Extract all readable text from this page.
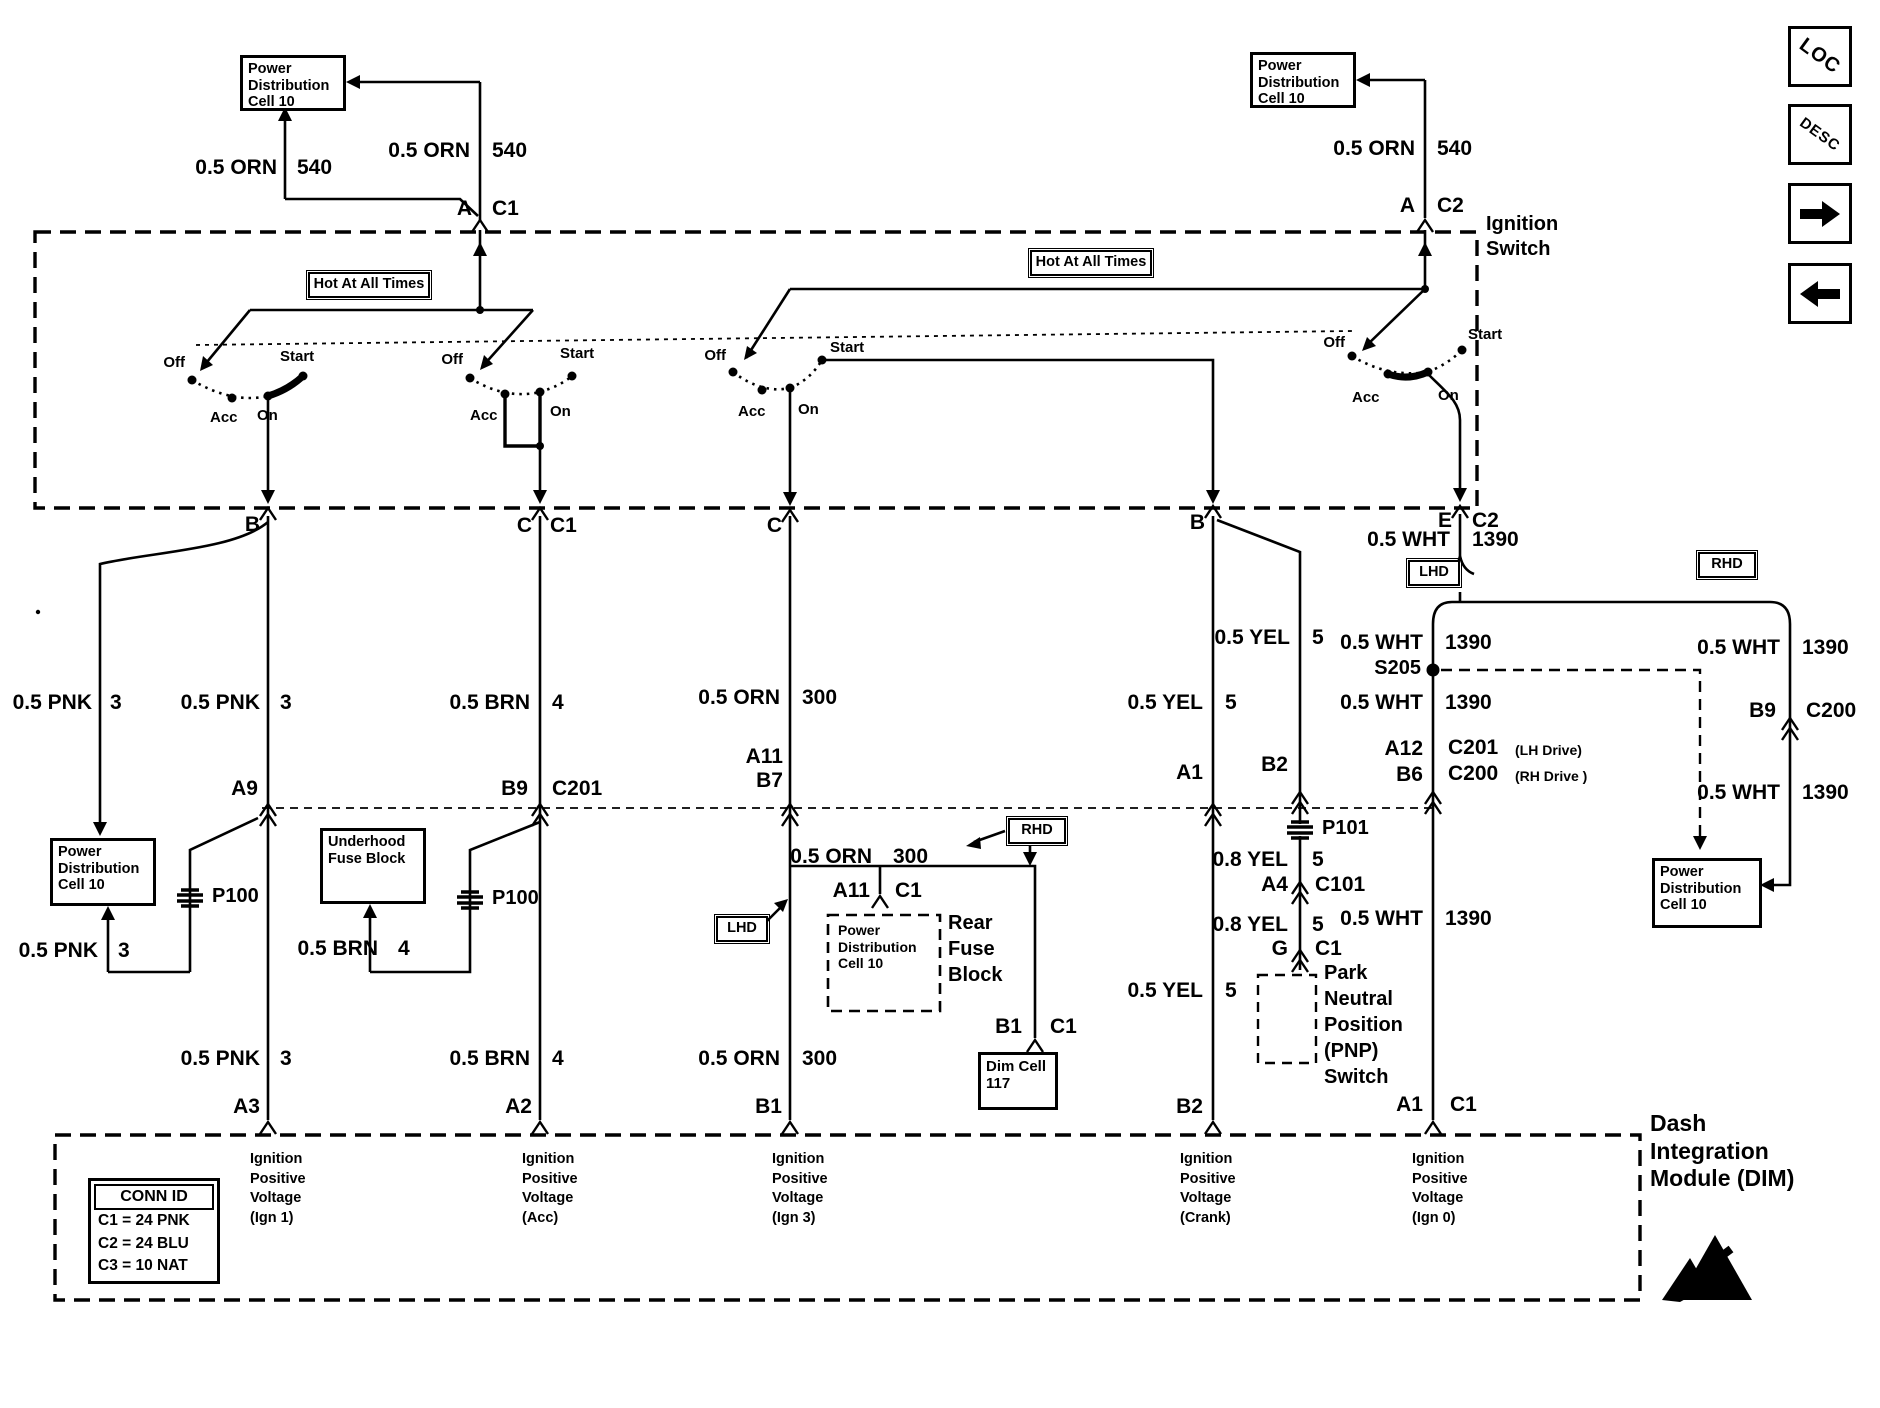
LOC
DESC
Power Distribution Cell 10
Power Distribution Cell 10
Power Distribution Cell 10
Power Distribution Cell 10
Power Distribution Cell 10
Underhood Fuse Block
Dim Cell 117
Rear Fuse Block	Park Neutral Position (PNP) Switch
Hot At All Times
Hot At All Times
LHD	RHD
LHD
RHD
Ignition Switch
Dash Integration Module (DIM)
CONN ID
C1 = 24 PNK
C2 = 24 BLU
C3 = 10 NAT
Off
Acc On
Start	Off
Acc	On
Start	Off
Acc On
Start	Off
Acc	On
Start
0.5 ORN 540
0.5 ORN 540	0.5 ORN 540
0.5 PNK 3	0.5 PNK 3
0.5 PNK 3
0.5 PNK 3
0.5 BRN 4
0.5 BRN 4
0.5 BRN 4
0.5 ORN 300
0.5 ORN 300
0.5 ORN 300
0.5 YEL 5
0.5 YEL 5
0.5 YEL 5
0.8 YEL 5
0.8 YEL 5
0.5 WHT 1390
0.5 WHT 1390
0.5 WHT 1390
0.5 WHT 1390
0.5 WHT 1390
0.5 WHT 1390
A C1	A C2
B	C C1	C	B	E C2
A9	B9 C201
A11
B7	A1	B2
A12 C201 (LH Drive)
B6 C200 (RH Drive )
S205
P100	P100
P101
B9 C200
A4 C101
G C1
A11 C1
B1 C1
A3	A2	B1	B2	A1 C1
Ignition Positive Voltage (Ign 1)
Ignition Positive Voltage (Acc)
Ignition Positive Voltage (Ign 3)
Ignition Positive Voltage (Crank)
Ignition Positive Voltage (Ign 0)
